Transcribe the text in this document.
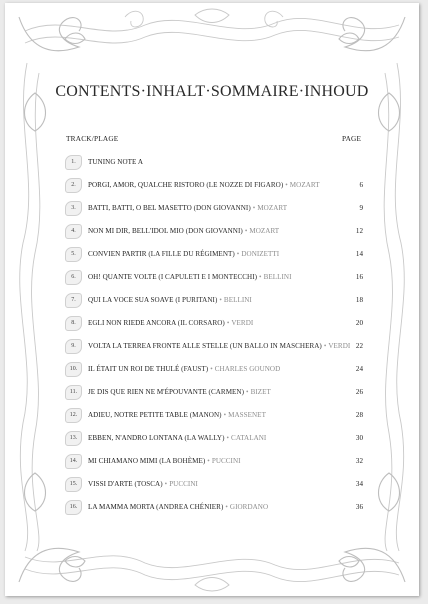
CONTENTS·INHALT·SOMMAIRE·INHOUD
TRACK/PLAGE	PAGE
1.	TUNING NOTE A
2.	PORGI, AMOR, QUALCHE RISTORO (LE NOZZE DI FIGARO) • MOZART	6
3.	BATTI, BATTI, O BEL MASETTO (DON GIOVANNI) • MOZART	9
4.	NON MI DIR, BELL'IDOL MIO (DON GIOVANNI) • MOZART	12
5.	CONVIEN PARTIR (LA FILLE DU RÉGIMENT) • DONIZETTI	14
6.	OH! QUANTE VOLTE (I CAPULETI E I MONTECCHI) • BELLINI	16
7.	QUI LA VOCE SUA SOAVE (I PURITANI) • BELLINI	18
8.	EGLI NON RIEDE ANCORA (IL CORSARO) • VERDI	20
9.	VOLTA LA TERREA FRONTE ALLE STELLE (UN BALLO IN MASCHERA) • VERDI 22
10.	IL ÉTAIT UN ROI DE THULÉ (FAUST) • CHARLES GOUNOD	24
11.	JE DIS QUE RIEN NE M'ÉPOUVANTE (CARMEN) • BIZET	26
12.	ADIEU, NOTRE PETITE TABLE (MANON) • MASSENET	28
13.	EBBEN, N'ANDRO LONTANA (LA WALLY) • CATALANI	30
14.	MI CHIAMANO MIMI (LA BOHÈME) • PUCCINI	32
15.	VISSI D'ARTE (TOSCA) • PUCCINI	34
16.	LA MAMMA MORTA (ANDREA CHÉNIER) • GIORDANO	36
